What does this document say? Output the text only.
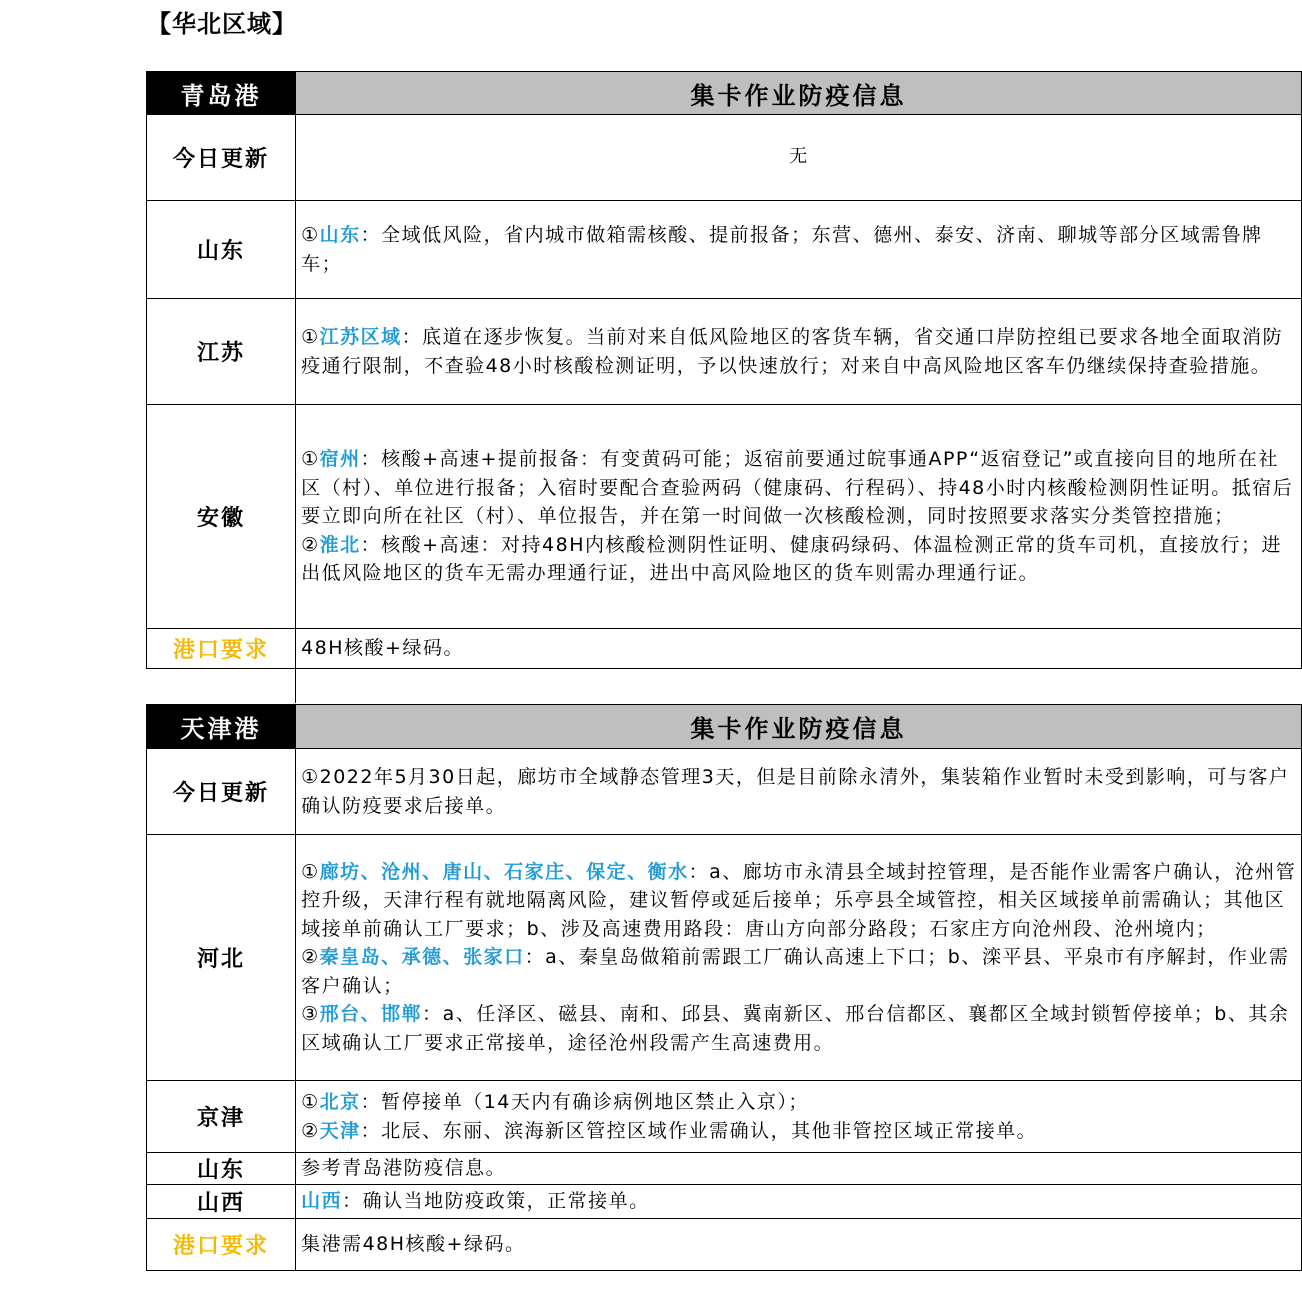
【华北区域】
青岛港	集卡作业防疫信息
今日更新	无
山东	①山东：全域低风险，省内城市做箱需核酸、提前报备；东营、德州、泰安、济南、聊城等部分区域需鲁牌车；
江苏	①江苏区域：底道在逐步恢复。当前对来自低风险地区的客货车辆，省交通口岸防控组已要求各地全面取消防疫通行限制，不查验48小时核酸检测证明，予以快速放行；对来自中高风险地区客车仍继续保持查验措施。
安徽	①宿州：核酸+高速+提前报备：有变黄码可能；返宿前要通过皖事通APP“返宿登记”或直接向目的地所在社区（村）、单位进行报备；入宿时要配合查验两码（健康码、行程码）、持48小时内核酸检测阴性证明。抵宿后要立即向所在社区（村）、单位报告，并在第一时间做一次核酸检测，同时按照要求落实分类管控措施；
②淮北：核酸+高速：对持48H内核酸检测阴性证明、健康码绿码、体温检测正常的货车司机，直接放行；进出低风险地区的货车无需办理通行证，进出中高风险地区的货车则需办理通行证。

港口要求	48H核酸+绿码。
天津港	集卡作业防疫信息
今日更新	①2022年5月30日起，廊坊市全域静态管理3天，但是目前除永清外，集装箱作业暂时未受到影响，可与客户确认防疫要求后接单。
河北	①廊坊、沧州、唐山、石家庄、保定、衡水：a、廊坊市永清县全域封控管理，是否能作业需客户确认，沧州管控升级，天津行程有就地隔离风险，建议暂停或延后接单；乐亭县全域管控，相关区域接单前需确认；其他区域接单前确认工厂要求；b、涉及高速费用路段：唐山方向部分路段；石家庄方向沧州段、沧州境内；
②秦皇岛、承德、张家口：a、秦皇岛做箱前需跟工厂确认高速上下口；b、滦平县、平泉市有序解封，作业需客户确认；
③邢台、邯郸：a、任泽区、磁县、南和、邱县、冀南新区、邢台信都区、襄都区全域封锁暂停接单；b、其余区域确认工厂要求正常接单，途径沧州段需产生高速费用。

京津	①北京：暂停接单（14天内有确诊病例地区禁止入京）；
②天津：北辰、东丽、滨海新区管控区域作业需确认，其他非管控区域正常接单。

山东	参考青岛港防疫信息。
山西	山西：确认当地防疫政策，正常接单。
港口要求	集港需48H核酸+绿码。
